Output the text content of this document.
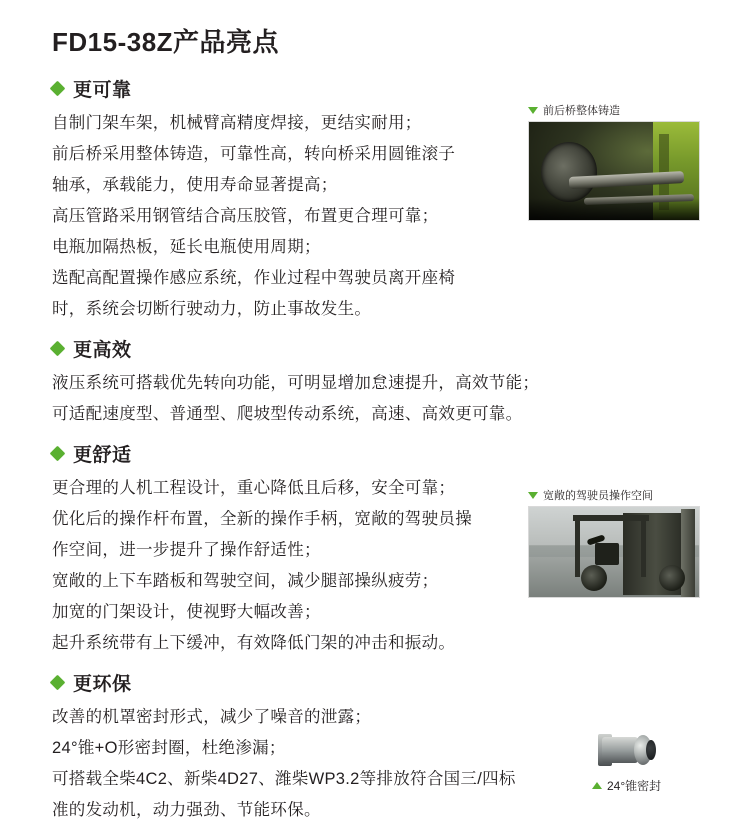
FD15-38Z产品亮点
更可靠
自制门架车架，机械臂高精度焊接，更结实耐用；
前后桥采用整体铸造，可靠性高，转向桥采用圆锥滚子
轴承，承载能力，使用寿命显著提高；
高压管路采用钢管结合高压胶管，布置更合理可靠；
电瓶加隔热板，延长电瓶使用周期；
选配高配置操作感应系统，作业过程中驾驶员离开座椅
时，系统会切断行驶动力，防止事故发生。
更高效
液压系统可搭载优先转向功能，可明显增加怠速提升，高效节能；
可适配速度型、普通型、爬坡型传动系统，高速、高效更可靠。
更舒适
更合理的人机工程设计，重心降低且后移，安全可靠；
优化后的操作杆布置，全新的操作手柄，宽敞的驾驶员操
作空间，进一步提升了操作舒适性；
宽敞的上下车踏板和驾驶空间，减少腿部操纵疲劳；
加宽的门架设计，使视野大幅改善；
起升系统带有上下缓冲，有效降低门架的冲击和振动。
更环保
改善的机罩密封形式，减少了噪音的泄露；
24°锥+O形密封圈，杜绝渗漏；
可搭载全柴4C2、新柴4D27、潍柴WP3.2等排放符合国三/四标
准的发动机，动力强劲、节能环保。
前后桥整体铸造
宽敞的驾驶员操作空间
24°锥密封
